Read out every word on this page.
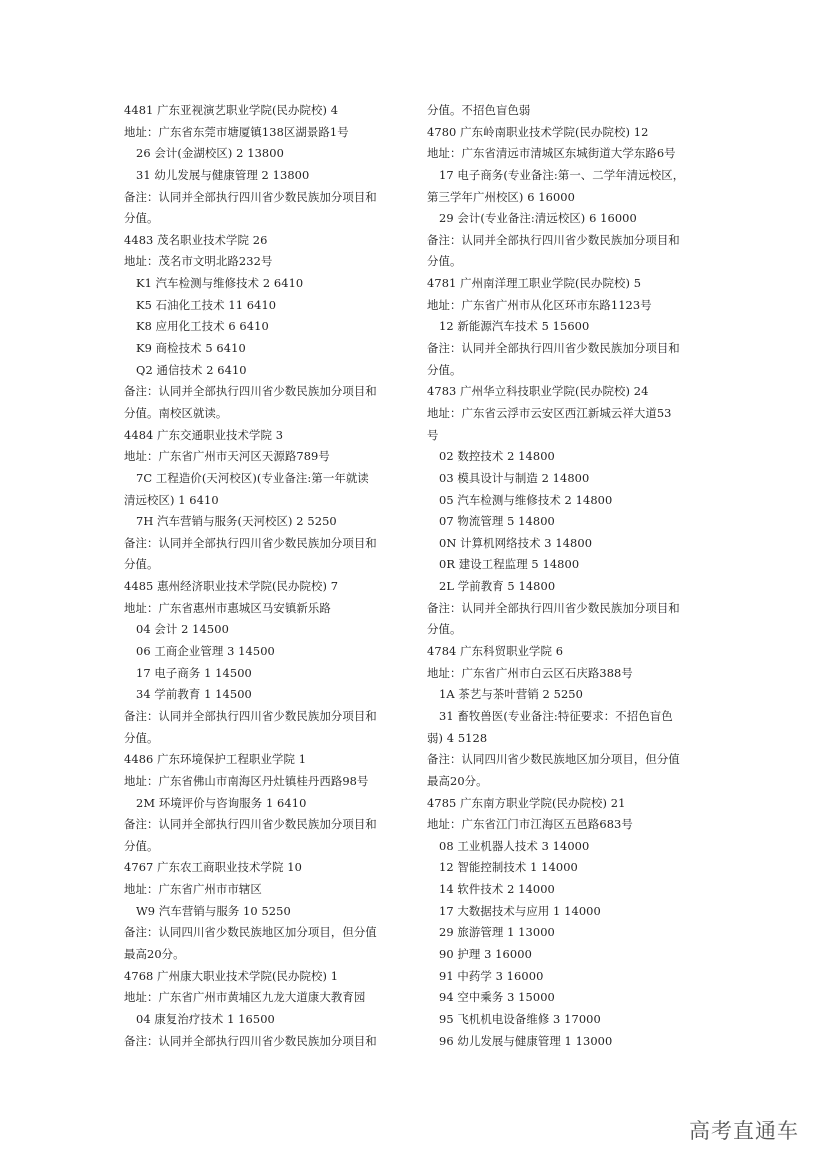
4481 广东亚视演艺职业学院(民办院校) 4
地址：广东省东莞市塘厦镇138区湖景路1号
26 会计(金湖校区) 2 13800
31 幼儿发展与健康管理 2 13800
备注：认同并全部执行四川省少数民族加分项目和
分值。
4483 茂名职业技术学院 26
地址：茂名市文明北路232号
K1 汽车检测与维修技术 2 6410
K5 石油化工技术 11 6410
K8 应用化工技术 6 6410
K9 商检技术 5 6410
Q2 通信技术 2 6410
备注：认同并全部执行四川省少数民族加分项目和
分值。南校区就读。
4484 广东交通职业技术学院 3
地址：广东省广州市天河区天源路789号
7C 工程造价(天河校区)(专业备注:第一年就读
清远校区) 1 6410
7H 汽车营销与服务(天河校区) 2 5250
备注：认同并全部执行四川省少数民族加分项目和
分值。
4485 惠州经济职业技术学院(民办院校) 7
地址：广东省惠州市惠城区马安镇新乐路
04 会计 2 14500
06 工商企业管理 3 14500
17 电子商务 1 14500
34 学前教育 1 14500
备注：认同并全部执行四川省少数民族加分项目和
分值。
4486 广东环境保护工程职业学院 1
地址：广东省佛山市南海区丹灶镇桂丹西路98号
2M 环境评价与咨询服务 1 6410
备注：认同并全部执行四川省少数民族加分项目和
分值。
4767 广东农工商职业技术学院 10
地址：广东省广州市市辖区
W9 汽车营销与服务 10 5250
备注：认同四川省少数民族地区加分项目，但分值
最高20分。
4768 广州康大职业技术学院(民办院校) 1
地址：广东省广州市黄埔区九龙大道康大教育园
04 康复治疗技术 1 16500
备注：认同并全部执行四川省少数民族加分项目和
分值。不招色盲色弱
4780 广东岭南职业技术学院(民办院校) 12
地址：广东省清远市清城区东城街道大学东路6号
17 电子商务(专业备注:第一、二学年清远校区，
第三学年广州校区) 6 16000
29 会计(专业备注:清远校区) 6 16000
备注：认同并全部执行四川省少数民族加分项目和
分值。
4781 广州南洋理工职业学院(民办院校) 5
地址：广东省广州市从化区环市东路1123号
12 新能源汽车技术 5 15600
备注：认同并全部执行四川省少数民族加分项目和
分值。
4783 广州华立科技职业学院(民办院校) 24
地址：广东省云浮市云安区西江新城云祥大道53
号
02 数控技术 2 14800
03 模具设计与制造 2 14800
05 汽车检测与维修技术 2 14800
07 物流管理 5 14800
0N 计算机网络技术 3 14800
0R 建设工程监理 5 14800
2L 学前教育 5 14800
备注：认同并全部执行四川省少数民族加分项目和
分值。
4784 广东科贸职业学院 6
地址：广东省广州市白云区石庆路388号
1A 茶艺与茶叶营销 2 5250
31 畜牧兽医(专业备注:特征要求：不招色盲色
弱) 4 5128
备注：认同四川省少数民族地区加分项目，但分值
最高20分。
4785 广东南方职业学院(民办院校) 21
地址：广东省江门市江海区五邑路683号
08 工业机器人技术 3 14000
12 智能控制技术 1 14000
14 软件技术 2 14000
17 大数据技术与应用 1 14000
29 旅游管理 1 13000
90 护理 3 16000
91 中药学 3 16000
94 空中乘务 3 15000
95 飞机机电设备维修 3 17000
96 幼儿发展与健康管理 1 13000
高考直通车
